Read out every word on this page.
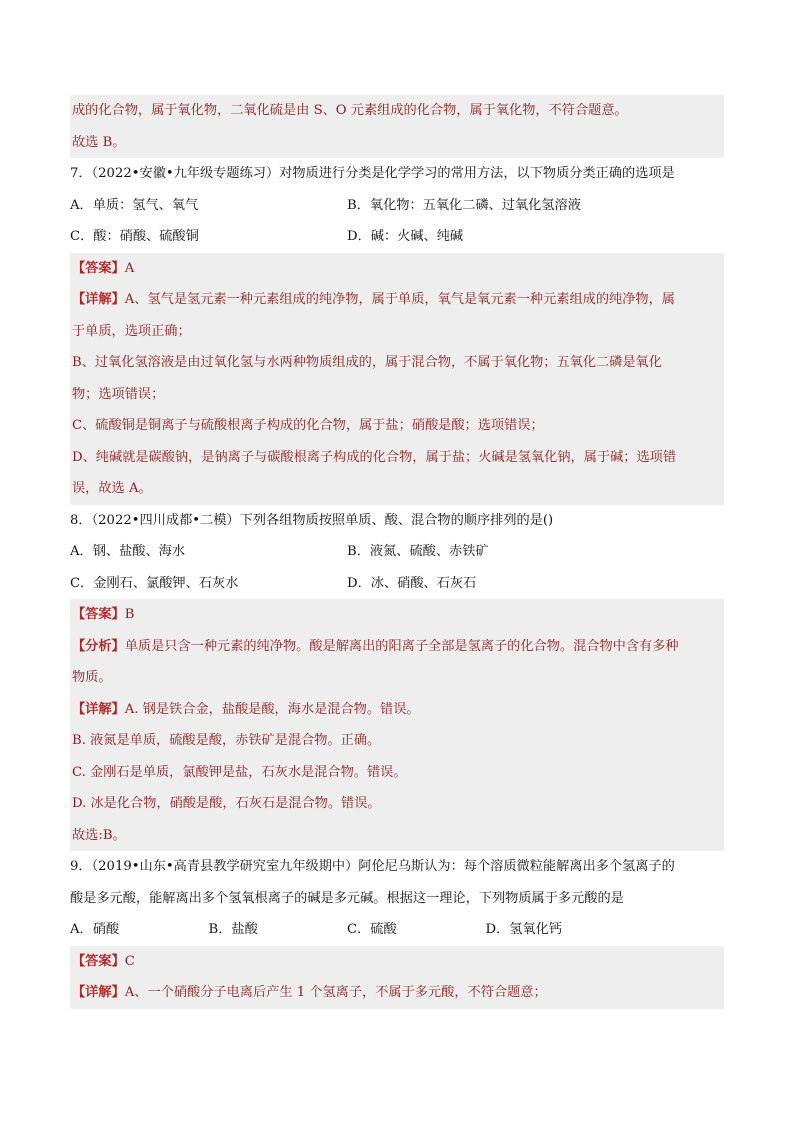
成的化合物，属于氧化物，二氧化硫是由 S、O 元素组成的化合物，属于氧化物，不符合题意。
故选 B。
7．（2022•安徽•九年级专题练习）对物质进行分类是化学学习的常用方法，以下物质分类正确的选项是
A．单质：氢气、氧气	B．氧化物：五氧化二磷、过氧化氢溶液
C．酸：硝酸、硫酸铜	D．碱：火碱、纯碱
【答案】A
【详解】A、氢气是氢元素一种元素组成的纯净物，属于单质，氧气是氧元素一种元素组成的纯净物，属
于单质，选项正确；
B、过氧化氢溶液是由过氧化氢与水两种物质组成的，属于混合物，不属于氧化物；五氧化二磷是氧化
物；选项错误；
C、硫酸铜是铜离子与硫酸根离子构成的化合物，属于盐；硝酸是酸；选项错误；
D、纯碱就是碳酸钠，是钠离子与碳酸根离子构成的化合物，属于盐；火碱是氢氧化钠，属于碱；选项错
误，故选 A。
8．（2022•四川成都•二模）下列各组物质按照单质、酸、混合物的顺序排列的是()
A．钢、盐酸、海水	B．液氮、硫酸、赤铁矿
C．金刚石、氯酸钾、石灰水	D．冰、硝酸、石灰石
【答案】B
【分析】单质是只含一种元素的纯净物。酸是解离出的阳离子全部是氢离子的化合物。混合物中含有多种
物质。
【详解】A. 钢是铁合金，盐酸是酸，海水是混合物。错误。
B. 液氮是单质，硫酸是酸，赤铁矿是混合物。正确。
C. 金刚石是单质，氯酸钾是盐，石灰水是混合物。错误。
D. 冰是化合物，硝酸是酸，石灰石是混合物。错误。
故选:B。
9．（2019•山东•高青县教学研究室九年级期中）阿伦尼乌斯认为：每个溶质微粒能解离出多个氢离子的
酸是多元酸，能解离出多个氢氧根离子的碱是多元碱。根据这一理论，下列物质属于多元酸的是
A．硝酸	B．盐酸	C．硫酸	D．氢氧化钙
【答案】C
【详解】A、一个硝酸分子电离后产生 1 个氢离子，不属于多元酸，不符合题意；
